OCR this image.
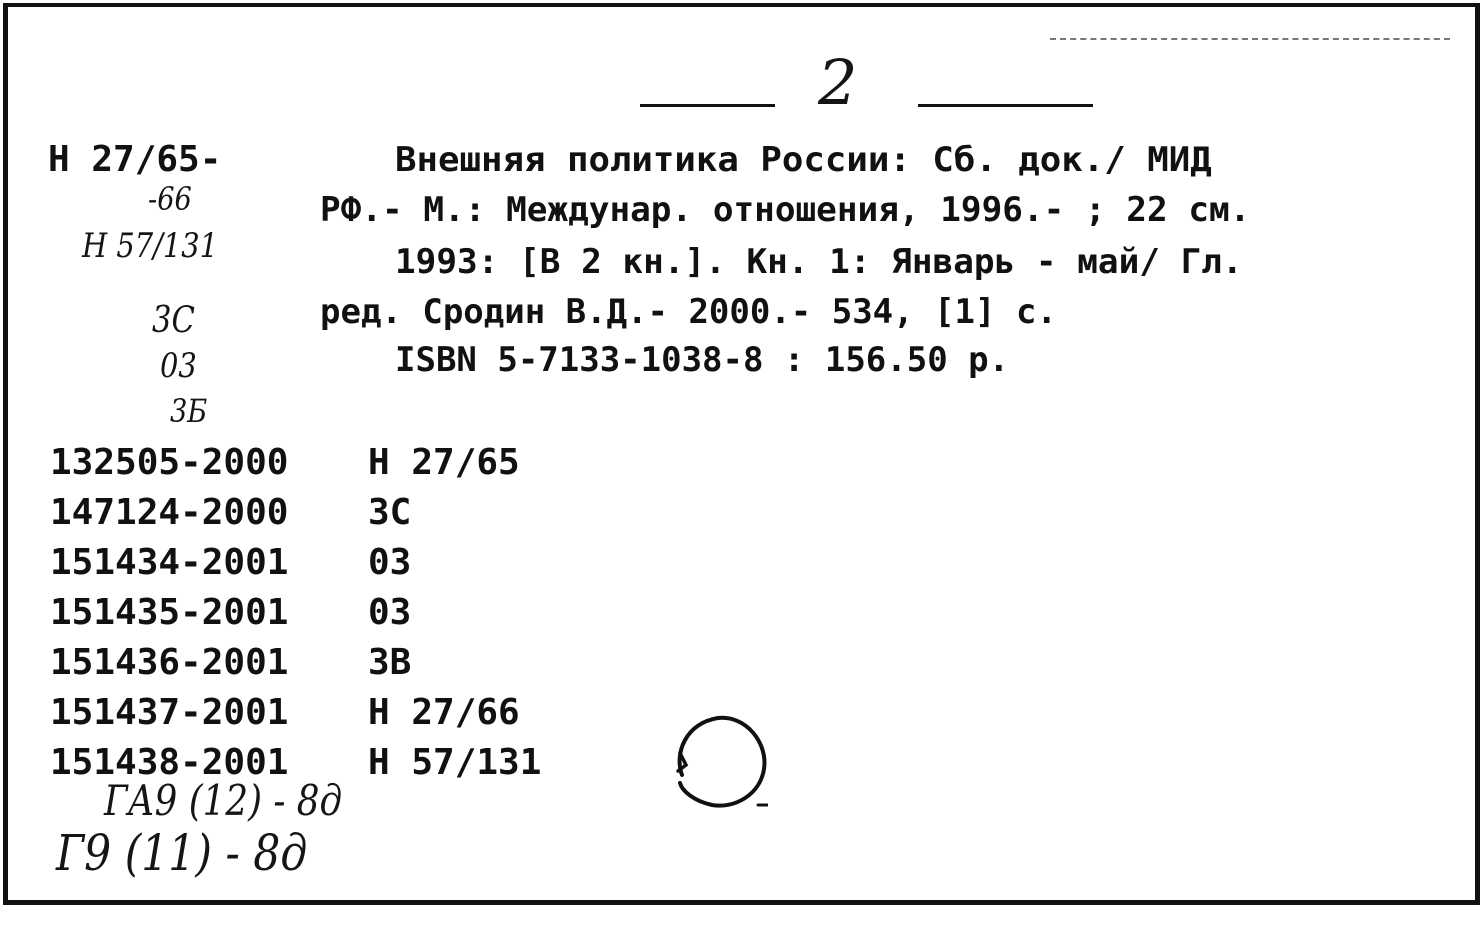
2
Н 27/65-
-66
Н 57/131
3С
03
3Б
Внешняя политика России: Сб. док./ МИД
РФ.- М.: Междунар. отношения, 1996.- ; 22 см.
1993: [В 2 кн.]. Кн. 1: Январь - май/ Гл.
ред. Сродин В.Д.- 2000.- 534, [1] с.
ISBN 5-7133-1038-8 : 156.50 р.

132505-2000

Н 27/65

147124-2000

3С

151434-2001

03

151435-2001

03

151436-2001

3В

151437-2001

Н 27/66

151438-2001

Н 57/131

ГА9 (12) - 8д
Г9 (11) - 8д
